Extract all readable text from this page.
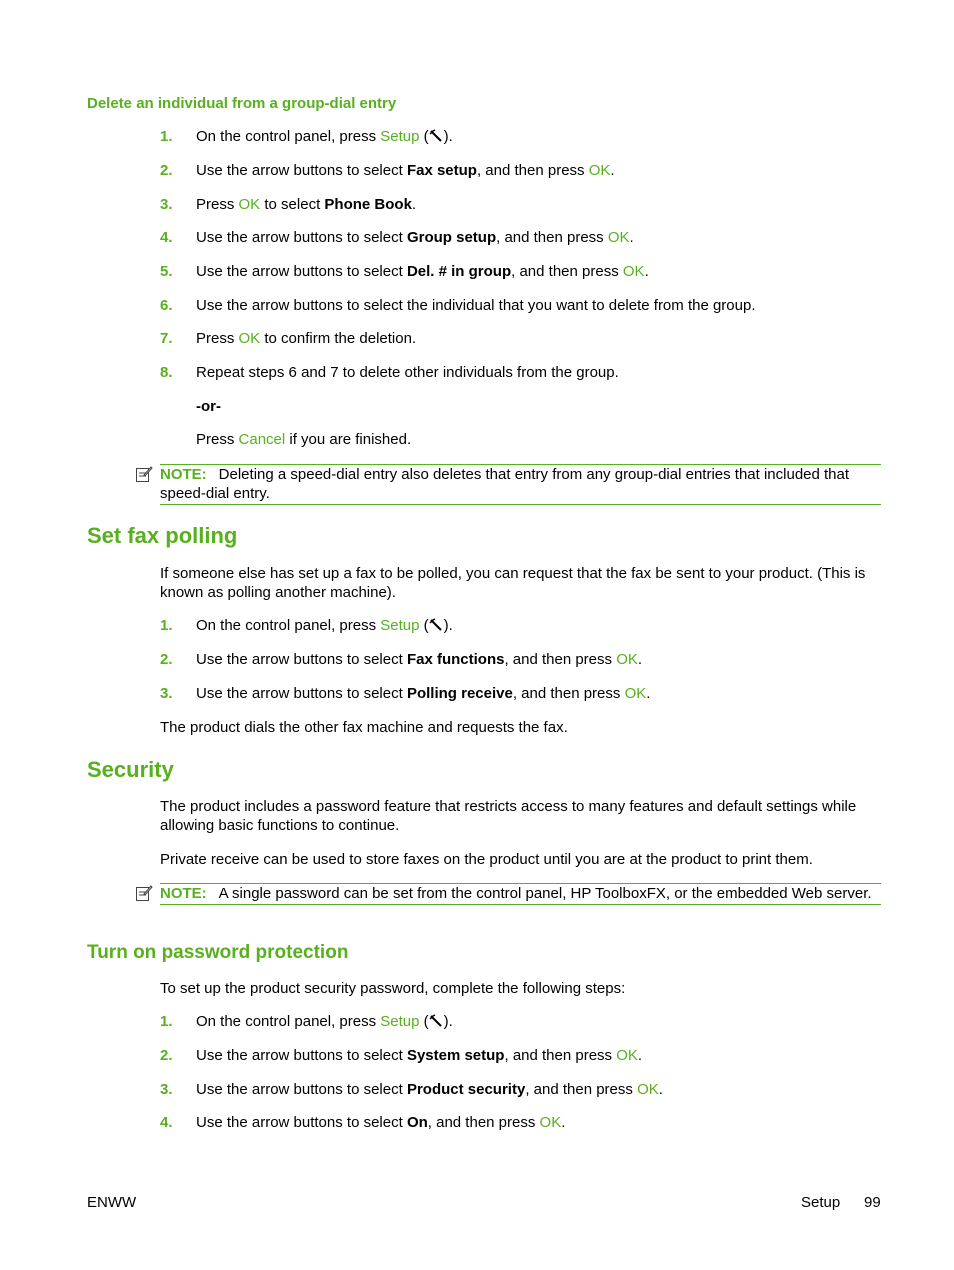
Delete an individual from a group-dial entry
1. On the control panel, press Setup ( ).
2. Use the arrow buttons to select Fax setup, and then press OK.
3. Press OK to select Phone Book.
4. Use the arrow buttons to select Group setup, and then press OK.
5. Use the arrow buttons to select Del. # in group, and then press OK.
6. Use the arrow buttons to select the individual that you want to delete from the group.
7. Press OK to confirm the deletion.
8. Repeat steps 6 and 7 to delete other individuals from the group.
-or-
Press Cancel if you are finished.
NOTE: Deleting a speed-dial entry also deletes that entry from any group-dial entries that included that speed-dial entry.
Set fax polling
If someone else has set up a fax to be polled, you can request that the fax be sent to your product. (This is known as polling another machine).
1. On the control panel, press Setup ( ).
2. Use the arrow buttons to select Fax functions, and then press OK.
3. Use the arrow buttons to select Polling receive, and then press OK.
The product dials the other fax machine and requests the fax.
Security
The product includes a password feature that restricts access to many features and default settings while allowing basic functions to continue.
Private receive can be used to store faxes on the product until you are at the product to print them.
NOTE: A single password can be set from the control panel, HP ToolboxFX, or the embedded Web server.
Turn on password protection
To set up the product security password, complete the following steps:
1. On the control panel, press Setup ( ).
2. Use the arrow buttons to select System setup, and then press OK.
3. Use the arrow buttons to select Product security, and then press OK.
4. Use the arrow buttons to select On, and then press OK.
ENWW	Setup 99
